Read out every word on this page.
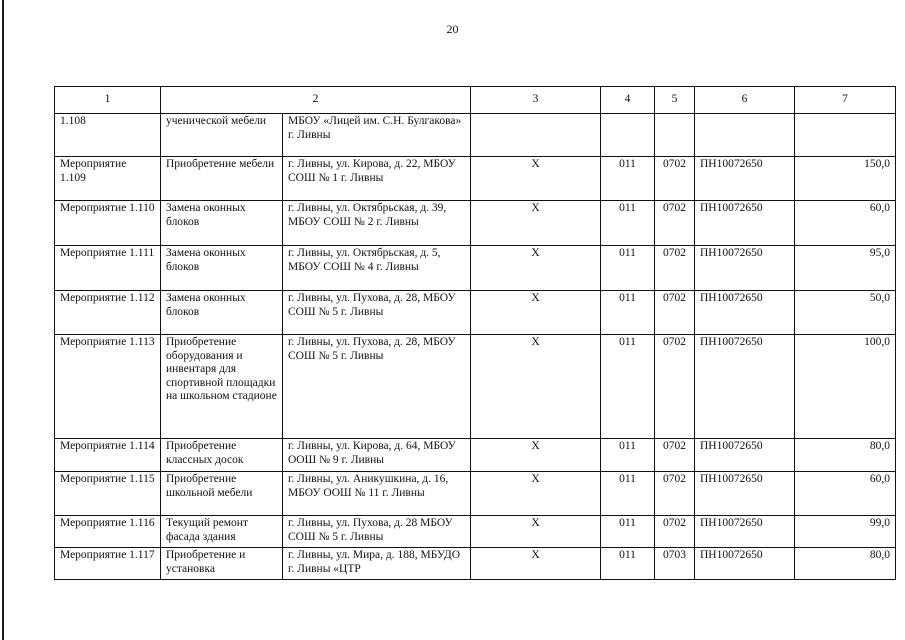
20
1	2		3	4	5	6	7
1.108	ученической мебели	МБОУ «Лицей им. С.Н. Булгакова» г. Ливны					
Мероприятие 1.109	Приобретение мебели	г. Ливны, ул. Кирова, д. 22, МБОУ СОШ № 1 г. Ливны	Х	011	0702	ПН10072650	150,0
Мероприятие 1.110	Замена оконных блоков	г. Ливны, ул. Октябрьская, д. 39, МБОУ СОШ № 2 г. Ливны	Х	011	0702	ПН10072650	60,0
Мероприятие 1.111	Замена оконных блоков	г. Ливны, ул. Октябрьская, д. 5, МБОУ СОШ № 4 г. Ливны	Х	011	0702	ПН10072650	95,0
Мероприятие 1.112	Замена оконных блоков	г. Ливны, ул. Пухова, д. 28, МБОУ СОШ № 5 г. Ливны	Х	011	0702	ПН10072650	50,0
Мероприятие 1.113	Приобретение оборудования и инвентаря для спортивной площадки на школьном стадионе	г. Ливны, ул. Пухова, д. 28, МБОУ СОШ № 5 г. Ливны	Х	011	0702	ПН10072650	100,0
Мероприятие 1.114	Приобретение классных досок	г. Ливны, ул. Кирова, д. 64, МБОУ ООШ № 9 г. Ливны	Х	011	0702	ПН10072650	80,0
Мероприятие 1.115	Приобретение школьной мебели	г. Ливны, ул. Аникушкина, д. 16, МБОУ ООШ № 11 г. Ливны	Х	011	0702	ПН10072650	60,0
Мероприятие 1.116	Текущий ремонт фасада здания	г. Ливны, ул. Пухова, д. 28 МБОУ СОШ № 5 г. Ливны	Х	011	0702	ПН10072650	99,0
Мероприятие 1.117	Приобретение и установка	г. Ливны, ул. Мира, д. 188, МБУДО г. Ливны «ЦТР	Х	011	0703	ПН10072650	80,0
